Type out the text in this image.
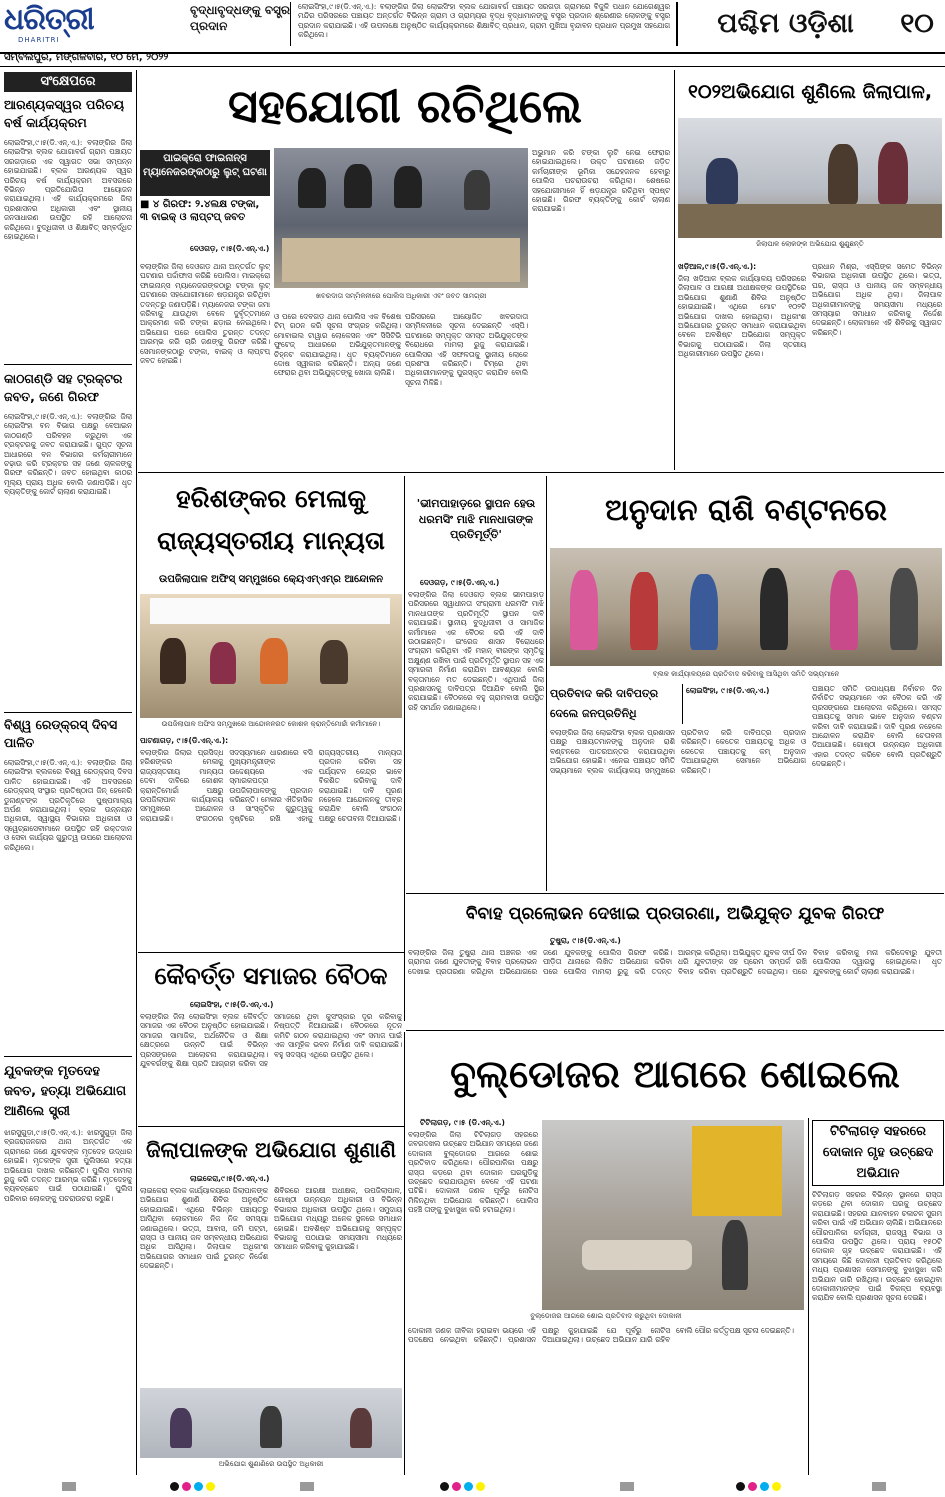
ଧରିତ୍ରୀ
DHARITRI
ସମ୍ବଲପୁର, ମଙ୍ଗଳବାର, ୧୦ ମେ, ୨୦୨୨
ବୃଦ୍ଧାବୃଦ୍ଧଙ୍କୁ ବସ୍ତ୍ର ପ୍ରଦାନ
ଲୋଇସିଂହା,୯।୫(ଡି.ଏନ୍.ଏ.): ବଲାଙ୍ଗିର ଜିଲା ଲୋଇସିଂହା ବ୍ଲକ ଯୋଗାବର୍ଗ ପଞ୍ଚାୟତ ସରଗଡ଼ା ଗ୍ରାମରେ ବିଜୁଳି ପଧାନ ଯୋଗେଶ୍ୱର ମନ୍ଦିର ପରିସରରେ ପଞ୍ଚାୟତ ଅନ୍ତର୍ଗତ ବିଭିନ୍ନ ଗ୍ରାମ ଓ ଗ୍ରାମ୍ୟର ବୃଦ୍ଧ ବୃଦ୍ଧାମାନଙ୍କୁ ବସ୍ତ୍ର ପ୍ରଦାନ ଶ୍ରେଣୀର ଲୋକଙ୍କୁ ବସ୍ତ୍ର ପ୍ରଦାନ କରାଯାଇଛି। ଏହି ଉପଲକ୍ଷେ ଅନୁଷ୍ଠିତ କାର୍ଯ୍ୟକ୍ରମରେ ଶିକ୍ଷାବିତ୍ ପ୍ରଧାନ, ଗ୍ରାମ ମୁଖିଆ ବୃନ୍ଦାବନ ପ୍ରଧାନ ପ୍ରମୁଖ ସହଯୋଗ କରିଥିଲେ।	ପଶ୍ଚିମ ଓଡ଼ିଶା	୧୦
ସଂକ୍ଷେପରେ
ଆରଣ୍ୟକସ୍ୱର ପରିଚୟ ବର୍ଷ କାର୍ଯ୍ୟକ୍ରମ
ଲୋଇସିଂହା,୯।୫(ଡି.ଏନ୍.ଏ.): ବଲାଙ୍ଗିର ଜିଲା ଲୋଇସିଂହା ବ୍ଲକ ଯୋଗାବର୍ଗ ଗ୍ରାମ ପଞ୍ଚାୟତ ସରଗଡ଼ାରେ ଏକ ସ୍ୱାଗତ ସଭା ସମ୍ପନ୍ନ ହୋଇଯାଇଛି। ବ୍ଲକ ଆରଣ୍ୟକ ସ୍ୱର ପରିଚୟ ବର୍ଷ କାର୍ଯ୍ୟକ୍ରମ ଅବସରରେ ବିଭିନ୍ନ ପ୍ରତିଯୋଗିତା ଆୟୋଜନ କରାଯାଇଥିଲା। ଏହି କାର୍ଯ୍ୟକ୍ରମରେ ଜିଲା ପ୍ରଶାସନର ଅଧିକାରୀ ଏବଂ ସ୍ଥାନୀୟ ଜନସାଧାରଣ ଉପସ୍ଥିତ ରହି ଆଲୋଚନା କରିଥିଲେ। ବୁଦ୍ଧିଜୀବୀ ଓ ଶିକ୍ଷାବିତ୍ ସମ୍ବର୍ଦ୍ଧିତ ହୋଇଥିଲେ।
କାଠଗଣ୍ଡି ସହ ଟ୍ରକ୍ଟର ଜବତ, ଜଣେ ଗିରଫ
ଲୋଇସିଂହା,୯।୫(ଡି.ଏନ୍.ଏ.): ବଲାଙ୍ଗିର ଜିଲା ଲୋଇସିଂହା ବନ ବିଭାଗ ପକ୍ଷରୁ ବେଆଇନ କାଠଗଣ୍ଡି ପରିବହନ କରୁଥିବା ଏକ ଟ୍ରକ୍ଟରକୁ ଜବତ କରାଯାଇଛି। ଗୁପ୍ତ ସୂଚନା ଆଧାରରେ ବନ ବିଭାଗର କର୍ମଚାରୀମାନେ ଚଢ଼ାଉ କରି ଟ୍ରକ୍ଟର ସହ ଜଣେ ଚାଳକଙ୍କୁ ଗିରଫ କରିଛନ୍ତି। ଜବତ ହୋଇଥିବା କାଠର ମୂଲ୍ୟ ପ୍ରାୟ ଅଧିକ ବୋଲି ଜଣାପଡ଼ିଛି। ଧୃତ ବ୍ୟକ୍ତିଙ୍କୁ କୋର୍ଟ ଚାଲାଣ କରାଯାଇଛି।
ବିଶ୍ୱ ରେଡ୍‌କ୍ରସ୍ ଦିବସ ପାଳିତ
ଲୋଇସିଂହା,୯।୫(ଡି.ଏନ୍.ଏ.): ବଲାଙ୍ଗିର ଜିଲା ଲୋଇସିଂହା ବ୍ଲକରେ ବିଶ୍ୱ ରେଡ୍‌କ୍ରସ୍ ଦିବସ ପାଳିତ ହୋଇଯାଇଛି। ଏହି ଅବସରରେ ରେଡ୍‌କ୍ରସ୍ ସଂସ୍ଥାର ପ୍ରତିଷ୍ଠାତା ଜିନ୍ ହେନେରି ଡୁନାଣ୍ଟଙ୍କ ପ୍ରତିକୃତିରେ ପୁଷ୍ପମାଲ୍ୟ ଅର୍ପଣ କରାଯାଇଥିଲା। ବ୍ଲକ ଉନ୍ନୟନ ଅଧିକାରୀ, ସ୍ୱାସ୍ଥ୍ୟ ବିଭାଗର ଅଧିକାରୀ ଓ ସ୍ୱେଚ୍ଛାସେବୀମାନେ ଉପସ୍ଥିତ ରହି ରକ୍ତଦାନ ଓ ସେବା କାର୍ଯ୍ୟର ଗୁରୁତ୍ୱ ଉପରେ ଆଲୋଚନା କରିଥିଲେ।
ଯୁବକଙ୍କ ମୃତଦେହ ଜବତ, ହତ୍ୟା ଅଭିଯୋଗ ଆଣିଲେ ସ୍ତ୍ରୀ
ଝାରସୁଗୁଡ଼ା,୯।୫(ଡି.ଏନ୍.ଏ.): ଝାରସୁଗୁଡ଼ା ଜିଲା ବ୍ରଜରାଜନଗର ଥାନା ଅନ୍ତର୍ଗତ ଏକ ଗ୍ରାମରେ ଜଣେ ଯୁବକଙ୍କ ମୃତଦେହ ଉଦ୍ଧାର ହୋଇଛି। ମୃତକଙ୍କ ସ୍ତ୍ରୀ ପୁଲିସରେ ହତ୍ୟା ଅଭିଯୋଗ ଦାଖଲ କରିଛନ୍ତି। ପୁଲିସ ମାମଲା ରୁଜୁ କରି ତଦନ୍ତ ଆରମ୍ଭ କରିଛି। ମୃତଦେହକୁ ବ୍ୟବଚ୍ଛେଦ ପାଇଁ ପଠାଯାଇଛି। ପୁଲିସ ପରିବାର ଲୋକଙ୍କୁ ପଚରାଉଚରା କରୁଛି।
ସହଯୋଗୀ ରଚିଥିଲେ
ପାଇକ୍ରୋ ଫାଇନାନ୍ସ ମ୍ୟାନେଜରଙ୍କଠାରୁ ଲୁଟ୍ ଘଟଣା
■ ୪ ଗିରଫ: ୨.୪ଲକ୍ଷ ଟଙ୍କା, ୩ ବାଇକ୍ ଓ ଲାପ୍‌ଟପ୍ ଜବତ
ଦେଓଗଡ଼, ୯।୫(ଡି.ଏନ୍.ଏ.)
ଖବରଦାତା ସମ୍ମିଳନୀରେ ପୋଲିସ ଅଧିକାରୀ ଏବଂ ଜବତ ସାମଗ୍ରୀ
ବଲାଙ୍ଗିର ଜିଲା ଦେଓଗଡ଼ ଥାନା ଅନ୍ତର୍ଗତ ଲୁଟ୍ ଘଟଣାର ପର୍ଦ୍ଦାଫାସ କରିଛି ପୋଲିସ। ମାଇକ୍ରୋ ଫାଇନାନ୍ସ ମ୍ୟାନେଜରଙ୍କଠାରୁ ଟଙ୍କା ଲୁଟ୍ ଘଟଣାରେ ସହଯୋଗୀମାନେ ଷଡ଼ଯନ୍ତ୍ର ରଚିଥିବା ତଦନ୍ତରୁ ଜଣାପଡ଼ିଛି। ମ୍ୟାନେଜର ଟଙ୍କା ଜମା କରିବାକୁ ଯାଉଥିବା ବେଳେ ଦୁର୍ବୃତ୍ତମାନେ ଆକ୍ରମଣ କରି ଟଙ୍କା ଛଡ଼ାଇ ନେଇଥିଲେ। ଅଭିଯୋଗ ପରେ ପୋଲିସ ତୁରନ୍ତ ତଦନ୍ତ ଆରମ୍ଭ କରି ଚାରି ଜଣଙ୍କୁ ଗିରଫ କରିଛି। ସେମାନଙ୍କଠାରୁ ଟଙ୍କା, ବାଇକ୍ ଓ ଲାପ୍‌ଟପ୍ ଜବତ ହୋଇଛି।
ଓ ପରେ ଦେବଗଡ଼ ଥାନା ପୋଲିସ ଏକ ବିଶେଷ ଟିମ୍ ଗଠନ କରି ସୂଚନା ସଂଗ୍ରହ କରିଥିଲା। ମୋବାଇଲ ଟାୱାର ଲୋକେସନ ଏବଂ ସିସିଟିଭି ଫୁଟେଜ୍ ଆଧାରରେ ଅଭିଯୁକ୍ତମାନଙ୍କୁ ଚିହ୍ନଟ କରାଯାଇଥିଲା। ଧୃତ ବ୍ୟକ୍ତିମାନେ ଦୋଷ ସ୍ୱୀକାର କରିଛନ୍ତି। ଅନ୍ୟ ଜଣେ ଫେରାର ଥିବା ଅଭିଯୁକ୍ତଙ୍କୁ ଖୋଜା ଚାଲିଛି।
ପରିସରରେ ଆୟୋଜିତ ଖବରଦାତା ସମ୍ମିଳନୀରେ ସୂଚନା ଦେଇଛନ୍ତି ଏସ୍‌ପି। ଘଟଣାରେ ସମ୍ପୃକ୍ତ ସମସ୍ତ ଅଭିଯୁକ୍ତଙ୍କ ବିରୋଧରେ ମାମଲା ରୁଜୁ କରାଯାଇଛି। ପୋଲିସର ଏହି ସଫଳତାକୁ ସ୍ଥାନୀୟ ଲୋକେ ପ୍ରଶଂସା କରିଛନ୍ତି। ଟିମ୍‌ରେ ଥିବା ଅଧିକାରୀମାନଙ୍କୁ ପୁରସ୍କୃତ କରାଯିବ ବୋଲି ସୂଚନା ମିଳିଛି।
ଅଭୁମାନ କରି ଟଙ୍କା ଲୁଟି ନେଇ ଫେରାର ହୋଇଯାଇଥିଲେ। ଉକ୍ତ ଘଟଣାରେ ଜଡ଼ିତ କର୍ମଚାରୀଙ୍କ ଭୂମିକା ସନ୍ଦେହଜନକ ହେବାରୁ ପୋଲିସ ପଚରାଉଚରା କରିଥିଲା। ଶେଷରେ ସହଯୋଗୀମାନେ ହିଁ ଷଡ଼ଯନ୍ତ୍ର ରଚିଥିବା ସ୍ପଷ୍ଟ ହୋଇଛି। ଗିରଫ ବ୍ୟକ୍ତିଙ୍କୁ କୋର୍ଟ ଚାଲାଣ କରାଯାଇଛି।
୧୦୨ଅଭିଯୋଗ ଶୁଣିଲେ ଜିଲାପାଳ,
ଜିଲାପାଳ ଲୋକଙ୍କ ଅଭିଯୋଗ ଶୁଣୁଛନ୍ତି
ଖଡ଼ିଆଳ,୯।୫(ଡି.ଏନ୍.ଏ.):
ଜିଲା ଖଡ଼ିଆଳ ବ୍ଲକ କାର୍ଯ୍ୟାଳୟ ପରିସରରେ ଜିଲାପାଳ ଓ ଆରକ୍ଷୀ ଅଧୀକ୍ଷକଙ୍କ ଉପସ୍ଥିତିରେ ଅଭିଯୋଗ ଶୁଣାଣି ଶିବିର ଅନୁଷ୍ଠିତ ହୋଇଯାଇଛି। ଏଥିରେ ମୋଟ ୧୦୨ଟି ଅଭିଯୋଗ ଦାଖଲ ହୋଇଥିଲା। ଅଧିକାଂଶ ଅଭିଯୋଗର ତୁରନ୍ତ ସମାଧାନ କରାଯାଇଥିବା ବେଳେ ଅବଶିଷ୍ଟ ଅଭିଯୋଗ ସମ୍ପୃକ୍ତ ବିଭାଗକୁ ପଠାଯାଇଛି। ଜିଲା ସ୍ତରୀୟ ଅଧିକାରୀମାନେ ଉପସ୍ଥିତ ଥିଲେ।
ପ୍ରଧାନ ମିଶ୍ର, ଏସ୍‌ପିଙ୍କ ସମେତ ବିଭିନ୍ନ ବିଭାଗର ଅଧିକାରୀ ଉପସ୍ଥିତ ଥିଲେ। ଭତ୍ତା, ଘର, ରାସ୍ତା ଓ ପାନୀୟ ଜଳ ସମ୍ବନ୍ଧୀୟ ଅଭିଯୋଗ ଅଧିକ ଥିଲା। ଜିଲାପାଳ ଅଧିକାରୀମାନଙ୍କୁ ସମୟସୀମା ମଧ୍ୟରେ ସମସ୍ୟାର ସମାଧାନ କରିବାକୁ ନିର୍ଦ୍ଦେଶ ଦେଇଛନ୍ତି। ଲୋକମାନେ ଏହି ଶିବିରକୁ ସ୍ୱାଗତ କରିଛନ୍ତି।
ହରିଶଙ୍କର ମେଳାକୁ ରାଜ୍ୟସ୍ତରୀୟ ମାନ୍ୟତା
ଉପଜିଲାପାଳ ଅଫିସ୍ ସମ୍ମୁଖରେ କ୍ୟେଏମ୍‌ଏମ୍‌ର ଆନ୍ଦୋଳନ
ଉପଜିଲାପାଳ ଅଫିସ ସମ୍ମୁଖରେ ଆନ୍ଦୋଳନରତ କୋଶଳ କ୍ରାନ୍ତିମୋର୍ଚ୍ଚା କର୍ମୀମାନେ।
ପାଟଣାଗଡ଼, ୯।୫(ଡି.ଏନ୍.ଏ.):
ବଲାଙ୍ଗିର ଜିଲାର ପ୍ରସିଦ୍ଧ ହରିଶଙ୍କର ମେଳାକୁ ରାଜ୍ୟସ୍ତରୀୟ ମାନ୍ୟତା ଦେବା ଦାବିରେ କୋଶଳ କ୍ରାନ୍ତିମୋର୍ଚ୍ଚା ପକ୍ଷରୁ ଉପଜିଲାପାଳ କାର୍ଯ୍ୟାଳୟ ସମ୍ମୁଖରେ ଆନ୍ଦୋଳନ କରାଯାଇଛି। ସଂଗଠନର ସଦସ୍ୟମାନେ ଧାରଣାରେ ବସି ମୁଖ୍ୟମନ୍ତ୍ରୀଙ୍କ ଉଦ୍ଦେଶ୍ୟରେ ଏକ ସ୍ମାରକପତ୍ର ଉପଜିଲାପାଳଙ୍କୁ ପ୍ରଦାନ କରିଛନ୍ତି। ମେଳାର ଐତିହାସିକ ଓ ସାଂସ୍କୃତିକ ଗୁରୁତ୍ୱକୁ ଦୃଷ୍ଟିରେ ରଖି ଏହାକୁ ରାଜ୍ୟସ୍ତରୀୟ ମାନ୍ୟତା ପ୍ରଦାନ କରିବା ସହ ପର୍ଯ୍ୟଟନ କେନ୍ଦ୍ର ଭାବେ ବିକଶିତ କରିବାକୁ ଦାବି କରାଯାଇଛି। ଦାବି ପୂରଣ ନହେଲେ ଆନ୍ଦୋଳନକୁ ତୀବ୍ର କରାଯିବ ବୋଲି ସଂଗଠନ ପକ୍ଷରୁ ଚେତାବନୀ ଦିଆଯାଇଛି।
'ଭୀମପାହାଡ଼ରେ ସ୍ଥାପନ ହେଉ ଧରମସିଂ ମାଝି ମାନଧାତାଙ୍କ ପ୍ରତିମୂର୍ତ୍ତି'
ଦେଓଗଡ଼, ୯।୫(ଡି.ଏନ୍.ଏ.)
ବଲାଙ୍ଗିର ଜିଲା ଦେଓଗଡ଼ ବ୍ଲକ ଭୀମପାହାଡ଼ ପରିସରରେ ସ୍ୱାଧୀନତା ସଂଗ୍ରାମୀ ଧରମସିଂ ମାଝି ମାନଧାତାଙ୍କ ପ୍ରତିମୂର୍ତ୍ତି ସ୍ଥାପନ ଦାବି କରାଯାଇଛି। ସ୍ଥାନୀୟ ବୁଦ୍ଧିଜୀବୀ ଓ ସାମାଜିକ କର୍ମୀମାନେ ଏକ ବୈଠକ କରି ଏହି ଦାବି ଉଠାଇଛନ୍ତି। ଇଂରେଜ ଶାସନ ବିରୋଧରେ ସଂଗ୍ରାମ କରିଥିବା ଏହି ମହାନ୍ ବୀରଙ୍କ ସ୍ମୃତିକୁ ଅକ୍ଷୁଣ୍ଣ ରଖିବା ପାଇଁ ପ୍ରତିମୂର୍ତ୍ତି ସ୍ଥାପନ ସହ ଏକ ସ୍ମାରକୀ ନିର୍ମାଣ କରାଯିବା ଆବଶ୍ୟକ ବୋଲି ବକ୍ତାମାନେ ମତ ଦେଇଛନ୍ତି। ଏଥିପାଇଁ ଜିଲା ପ୍ରଶାସନକୁ ଦାବିପତ୍ର ଦିଆଯିବ ବୋଲି ସ୍ଥିର କରାଯାଇଛି। ବୈଠକରେ ବହୁ ଗ୍ରାମବାସୀ ଉପସ୍ଥିତ ରହି ସମର୍ଥନ ଜଣାଇଥିଲେ।
ଅନୁଦାନ ରାଶି ବଣ୍ଟନରେ
ବ୍ଲକ କାର୍ଯ୍ୟାଳୟରେ ପ୍ରତିବାଦ କରିବାକୁ ଆସିଥିବା ସମିତି ସଭ୍ୟମାନେ
ପ୍ରତିବାଦ କରି ଦାବିପତ୍ର ଦେଲେ ଜନପ୍ରତିନିଧି
ଲୋଇସିଂହା, ୯।୫(ଡି.ଏନ୍.ଏ.)
ବଲାଙ୍ଗିର ଜିଲା ଲୋଇସିଂହା ବ୍ଲକ ପ୍ରଶାସନ ପକ୍ଷରୁ ପଞ୍ଚାୟତମାନଙ୍କୁ ଅନୁଦାନ ରାଶି ବଣ୍ଟନରେ ପାତରଅନ୍ତର କରାଯାଉଥିବା ଅଭିଯୋଗ ହୋଇଛି। ଏନେଇ ପଞ୍ଚାୟତ ସମିତି ସଭ୍ୟମାନେ ବ୍ଲକ କାର୍ଯ୍ୟାଳୟ ସମ୍ମୁଖରେ ପ୍ରତିବାଦ କରି ଦାବିପତ୍ର ପ୍ରଦାନ କରିଛନ୍ତି। କେତେକ ପଞ୍ଚାୟତକୁ ଅଧିକ ଓ କେତେକ ପଞ୍ଚାୟତକୁ କମ୍ ଅନୁଦାନ ଦିଆଯାଇଥିବା ସେମାନେ ଅଭିଯୋଗ କରିଛନ୍ତି।
ପଞ୍ଚାୟତ ସମିତି ଉପାଧ୍ୟକ୍ଷ ନିର୍ବାଚନ ଦିନ ନିର୍ବାଚିତ ସଭ୍ୟମାନେ ଏକ ବୈଠକ କରି ଏହି ପ୍ରସଙ୍ଗରେ ଆଲୋଚନା କରିଥିଲେ। ସମସ୍ତ ପଞ୍ଚାୟତକୁ ସମାନ ଭାବେ ଅନୁଦାନ ବଣ୍ଟନ କରିବା ଦାବି କରାଯାଇଛି। ଦାବି ପୂରଣ ନହେଲେ ଆନ୍ଦୋଳନ କରାଯିବ ବୋଲି ଚେତାବନୀ ଦିଆଯାଇଛି। ଗୋଷ୍ଠୀ ଉନ୍ନୟନ ଅଧିକାରୀ ଏହାର ତଦନ୍ତ କରିବେ ବୋଲି ପ୍ରତିଶ୍ରୁତି ଦେଇଛନ୍ତି।
ବିବାହ ପ୍ରଲୋଭନ ଦେଖାଇ ପ୍ରତାରଣା, ଅଭିଯୁକ୍ତ ଯୁବକ ଗିରଫ
ତୁଷୁରା, ୯।୫(ଡି.ଏନ୍.ଏ.)
ବଲାଙ୍ଗିର ଜିଲା ତୁଷୁରା ଥାନା ଅଞ୍ଚଳର ଏକ ଗ୍ରାମର ଜଣେ ଯୁବତୀଙ୍କୁ ବିବାହ ପ୍ରଲୋଭନ ଦେଖାଇ ପ୍ରତାରଣା କରିଥିବା ଅଭିଯୋଗରେ ଜଣେ ଯୁବକଙ୍କୁ ପୋଲିସ ଗିରଫ କରିଛି। ପୀଡ଼ିତା ଥାନାରେ ଲିଖିତ ଅଭିଯୋଗ କରିବା ପରେ ପୋଲିସ ମାମଲା ରୁଜୁ କରି ତଦନ୍ତ ଆରମ୍ଭ କରିଥିଲା। ଅଭିଯୁକ୍ତ ଯୁବକ ଦୀର୍ଘ ଦିନ ଧରି ଯୁବତୀଙ୍କ ସହ ପ୍ରେମ ସମ୍ପର୍କ ରଖି ବିବାହ କରିବା ପ୍ରତିଶ୍ରୁତି ଦେଇଥିଲା। ପରେ ବିବାହ କରିବାକୁ ମନା କରିଦେବାରୁ ଯୁବତୀ ପୋଲିସର ଦ୍ୱାରସ୍ଥ ହୋଇଥିଲେ। ଧୃତ ଯୁବକଙ୍କୁ କୋର୍ଟ ଚାଲାଣ କରାଯାଇଛି।
କୈବର୍ତ୍ତ ସମାଜର ବୈଠକ
ଲୋଇସିଂହା, ୯।୫(ଡି.ଏନ୍.ଏ.)
ବଲାଙ୍ଗିର ଜିଲା ଲୋଇସିଂହା ବ୍ଲକ କୈବର୍ତ୍ତ ସମାଜର ଏକ ବୈଠକ ଅନୁଷ୍ଠିତ ହୋଇଯାଇଛି। ସମାଜର ସାମାଜିକ, ଅର୍ଥନୈତିକ ଓ ଶିକ୍ଷା କ୍ଷେତ୍ରରେ ଉନ୍ନତି ପାଇଁ ବିଭିନ୍ନ ପ୍ରସଙ୍ଗରେ ଆଲୋଚନା କରାଯାଇଥିଲା। ଯୁବବର୍ଗଙ୍କୁ ଶିକ୍ଷା ପ୍ରତି ଆଗ୍ରହୀ କରିବା ସହ ସମାଜରେ ଥିବା କୁସଂସ୍କାର ଦୂର କରିବାକୁ ନିଷ୍ପତ୍ତି ନିଆଯାଇଛି। ବୈଠକରେ ନୂତନ କମିଟି ଗଠନ କରାଯାଇଥିଲା ଏବଂ ସମାଜ ପାଇଁ ଏକ ସାମୂହିକ ଭବନ ନିର୍ମାଣ ଦାବି କରାଯାଇଛି। ବହୁ ସଦସ୍ୟ ଏଥିରେ ଉପସ୍ଥିତ ଥିଲେ।
ଜିଲାପାଳଙ୍କ ଅଭିଯୋଗ ଶୁଣାଣି
ଲାଇକେରା,୯।୫(ଡି.ଏନ୍.ଏ.)
ଲାଇକେରା ବ୍ଲକ କାର୍ଯ୍ୟାଳୟରେ ଜିଲାପାଳଙ୍କ ଅଭିଯୋଗ ଶୁଣାଣି ଶିବିର ଅନୁଷ୍ଠିତ ହୋଇଯାଇଛି। ଏଥିରେ ବିଭିନ୍ନ ପଞ୍ଚାୟତରୁ ଆସିଥିବା ଲୋକମାନେ ନିଜ ନିଜ ସମସ୍ୟା ଜଣାଇଥିଲେ। ଭତ୍ତା, ଆବାସ, ଜମି ପଟ୍ଟା, ରାସ୍ତା ଓ ପାନୀୟ ଜଳ ସମ୍ବନ୍ଧୀୟ ଅଭିଯୋଗ ଅଧିକ ଆସିଥିଲା। ଜିଲାପାଳ ଅଧିକାଂଶ ଅଭିଯୋଗର ସମାଧାନ ପାଇଁ ତୁରନ୍ତ ନିର୍ଦ୍ଦେଶ ଦେଇଛନ୍ତି।
ଶିବିରରେ ଆରକ୍ଷୀ ଅଧୀକ୍ଷକ, ଉପଜିଲାପାଳ, ଗୋଷ୍ଠୀ ଉନ୍ନୟନ ଅଧିକାରୀ ଓ ବିଭିନ୍ନ ବିଭାଗର ଅଧିକାରୀ ଉପସ୍ଥିତ ଥିଲେ। ସମୁଦାୟ ଅଭିଯୋଗ ମଧ୍ୟରୁ ଅନେକ ସ୍ଥଳରେ ସମାଧାନ ହୋଇଛି। ଅବଶିଷ୍ଟ ଅଭିଯୋଗକୁ ସମ୍ପୃକ୍ତ ବିଭାଗକୁ ପଠାଯାଇ ସମୟସୀମା ମଧ୍ୟରେ ସମାଧାନ କରିବାକୁ କୁହାଯାଇଛି।
ଅଭିଯୋଗ ଶୁଣାଣିରେ ଉପସ୍ଥିତ ଅଧିକାରୀ
ବୁଲ୍‌ଡୋଜର ଆଗରେ ଶୋଇଲେ
ଟିଟିଲାଗଡ଼, ୯।୫ (ଡି.ଏନ୍.ଏ.)
ବଲାଙ୍ଗିର ଜିଲା ଟିଟିଲାଗଡ଼ ସହରରେ ଜବରଦଖଲ ଉଚ୍ଛେଦ ଅଭିଯାନ ସମୟରେ ଜଣେ ଦୋକାନୀ ବୁଲ୍‌ଡୋଜର ଆଗରେ ଶୋଇ ପ୍ରତିବାଦ କରିଥିଲେ। ପୌରପାଳିକା ପକ୍ଷରୁ ରାସ୍ତା କଡ଼ରେ ଥିବା ଦୋକାନ ଘରଗୁଡ଼ିକୁ ଉଚ୍ଛେଦ କରାଯାଉଥିବା ବେଳେ ଏହି ଘଟଣା ଘଟିଛି। ଦୋକାନୀ ଜଣକ ପୂର୍ବରୁ ନୋଟିସ ମିଳିନଥିବା ଅଭିଯୋଗ କରିଛନ୍ତି। ପୋଲିସ ପହଞ୍ଚି ତାଙ୍କୁ ବୁଝାସୁଝା କରି ହଟାଇଥିଲା।
ବୁଲ୍‌ଡୋଜର ଆଗରେ ଶୋଇ ପ୍ରତିବାଦ କରୁଥିବା ଦୋକାନୀ
ଦୋକାନୀ ଜଣକ ଜୀବିକା ହରାଇବା ଭୟରେ ଏହି ପଦକ୍ଷେପ ନେଇଥିବା କହିଛନ୍ତି। ପ୍ରଶାସନ ପକ୍ଷରୁ କୁହାଯାଇଛି ଯେ ପୂର୍ବରୁ ନୋଟିସ ଦିଆଯାଇଥିଲା। ଉଚ୍ଛେଦ ଅଭିଯାନ ଯାରି ରହିବ ବୋଲି ପୌର କର୍ତ୍ତୃପକ୍ଷ ସୂଚନା ଦେଇଛନ୍ତି।
ଟିଟିଲାଗଡ଼ ସହରରେ ଦୋକାନ ଗୃହ ଉଚ୍ଛେଦ ଅଭିଯାନ
ଟିଟିଲାଗଡ଼ ସହରର ବିଭିନ୍ନ ସ୍ଥାନରେ ରାସ୍ତା କଡ଼ରେ ଥିବା ଦୋକାନ ଘରକୁ ଉଚ୍ଛେଦ କରାଯାଇଛି। ସହରର ଯାନବାହନ ଚଳାଚଳ ସୁଗମ କରିବା ପାଇଁ ଏହି ଅଭିଯାନ ଚାଲିଛି। ଅଭିଯାନରେ ପୌରପାଳିକା କର୍ମଚାରୀ, ରାଜସ୍ୱ ବିଭାଗ ଓ ପୋଲିସ ଉପସ୍ଥିତ ଥିଲେ। ପ୍ରାୟ ୧୫୦ଟି ଦୋକାନ ଗୃହ ଉଚ୍ଛେଦ କରାଯାଇଛି। ଏହି ସମୟରେ କିଛି ଦୋକାନୀ ପ୍ରତିବାଦ କରିଥିଲେ ମଧ୍ୟ ପ୍ରଶାସନ ସେମାନଙ୍କୁ ବୁଝାସୁଝା କରି ଅଭିଯାନ ଜାରି ରଖିଥିଲା। ଉଚ୍ଛେଦ ହୋଇଥିବା ଦୋକାନୀମାନଙ୍କ ପାଇଁ ବିକଳ୍ପ ବ୍ୟବସ୍ଥା କରାଯିବ ବୋଲି ପ୍ରଶାସନ ସୂଚନା ଦେଇଛି।
